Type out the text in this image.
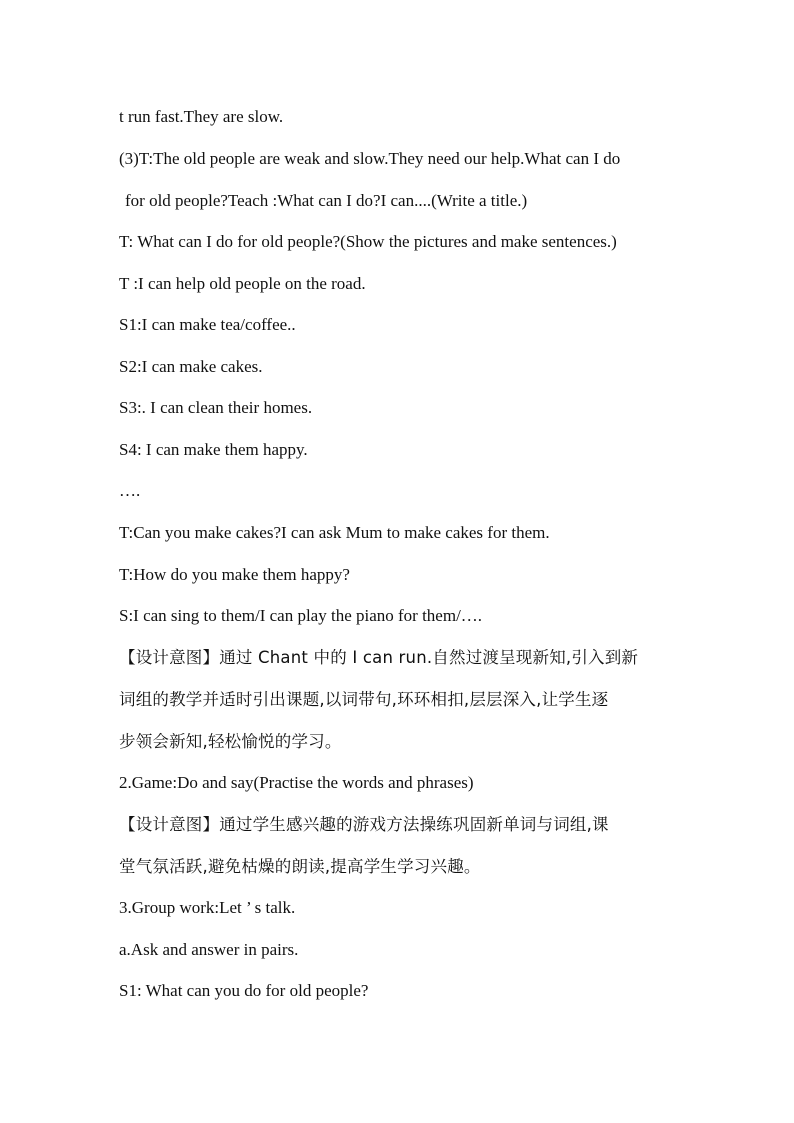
t run fast.They are slow.
(3)T:The old people are weak and slow.They need our help.What can I do
for old people?Teach :What can I do?I can....(Write a title.)
T: What can I do for old people?(Show the pictures and make sentences.)
T :I can help old people on the road.
S1:I can make tea/coffee..
S2:I can make cakes.
S3:. I can clean their homes.
S4: I can make them happy.
….
T:Can you make cakes?I can ask Mum to make cakes for them.
T:How do you make them happy?
S:I can sing to them/I can play the piano for them/….
【设计意图】通过 Chant 中的 I can run.自然过渡呈现新知,引入到新
词组的教学并适时引出课题,以词带句,环环相扣,层层深入,让学生逐
步领会新知,轻松愉悦的学习。
2.Game:Do and say(Practise the words and phrases)
【设计意图】通过学生感兴趣的游戏方法操练巩固新单词与词组,课
堂气氛活跃,避免枯燥的朗读,提高学生学习兴趣。
3.Group work:Let ’ s talk.
a.Ask and answer in pairs.
S1: What can you do for old people?
